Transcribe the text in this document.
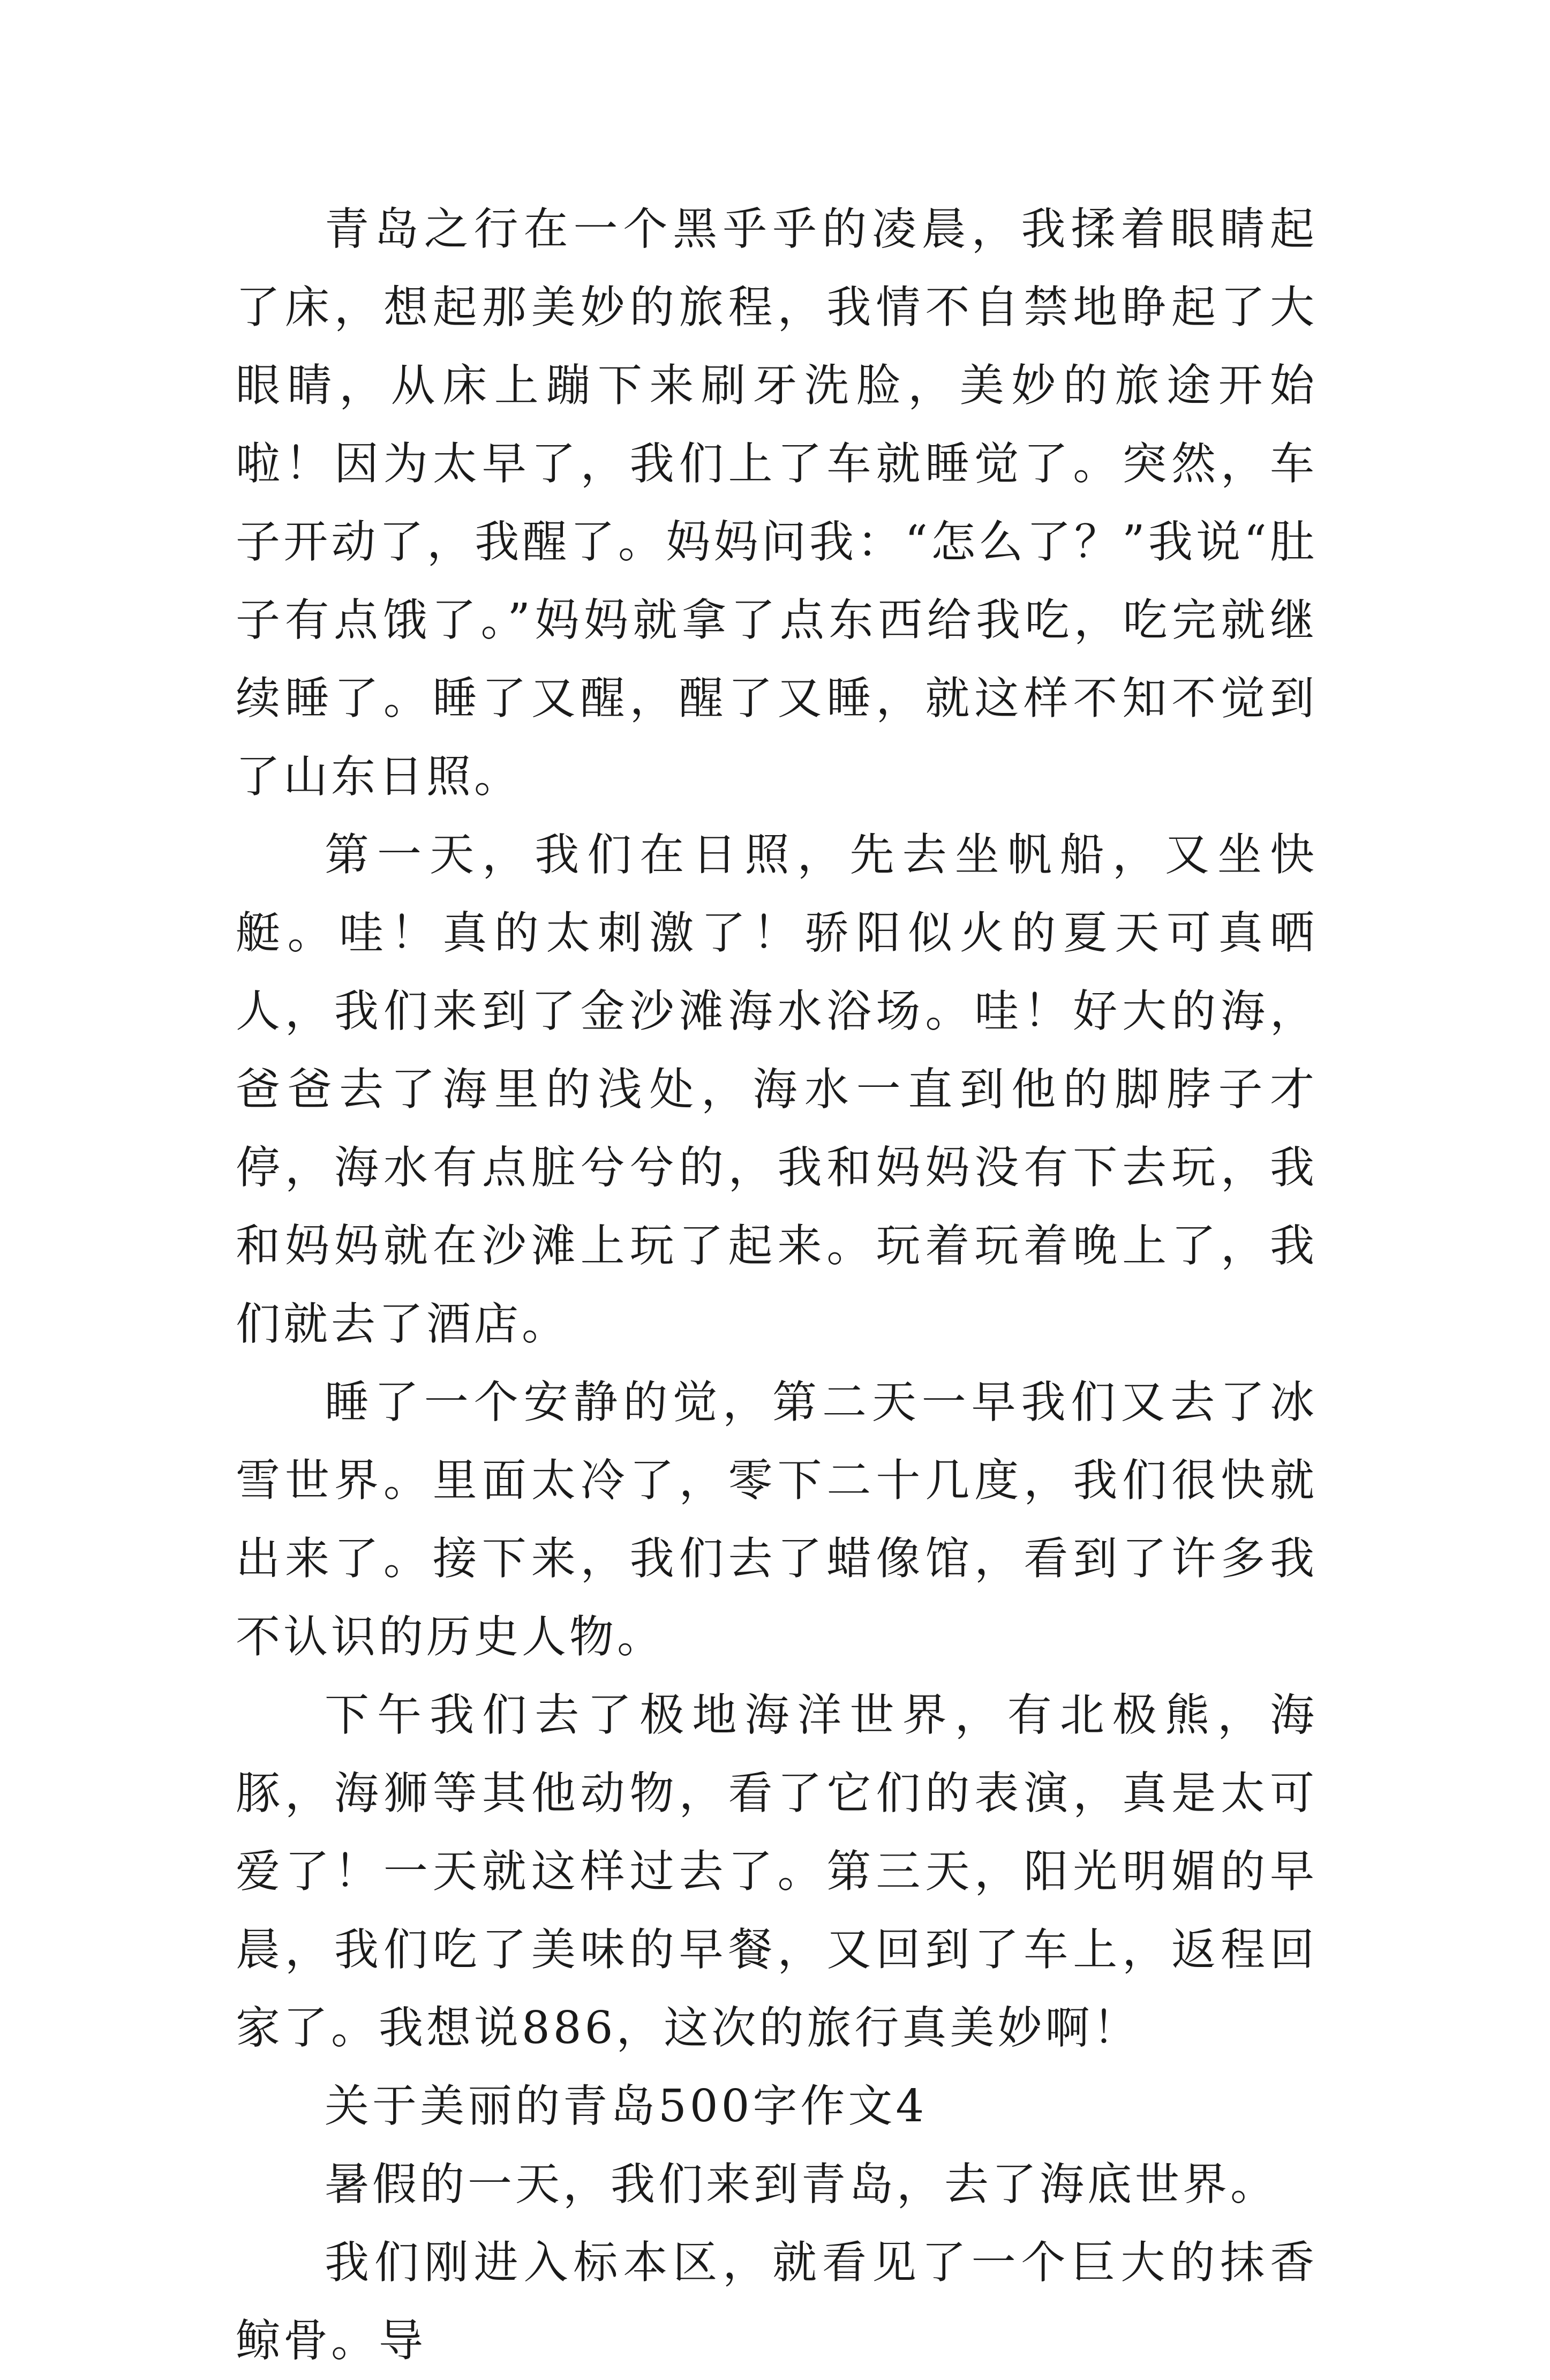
青岛之行在一个黑乎乎的凌晨，我揉着眼睛起了床，想起那美妙的旅程，我情不自禁地睁起了大眼睛，从床上蹦下来刷牙洗脸，美妙的旅途开始啦！因为太早了，我们上了车就睡觉了。突然，车子开动了，我醒了。妈妈问我：“怎么了？”我说“肚子有点饿了。”妈妈就拿了点东西给我吃，吃完就继续睡了。睡了又醒，醒了又睡，就这样不知不觉到了山东日照。

第一天，我们在日照，先去坐帆船，又坐快艇。哇！真的太刺激了！骄阳似火的夏天可真晒人，我们来到了金沙滩海水浴场。哇！好大的海，爸爸去了海里的浅处，海水一直到他的脚脖子才停，海水有点脏兮兮的，我和妈妈没有下去玩，我和妈妈就在沙滩上玩了起来。玩着玩着晚上了，我们就去了酒店。

睡了一个安静的觉，第二天一早我们又去了冰雪世界。里面太冷了，零下二十几度，我们很快就出来了。接下来，我们去了蜡像馆，看到了许多我不认识的历史人物。

下午我们去了极地海洋世界，有北极熊，海豚，海狮等其他动物，看了它们的表演，真是太可爱了！一天就这样过去了。第三天，阳光明媚的早晨，我们吃了美味的早餐，又回到了车上，返程回家了。我想说886，这次的旅行真美妙啊！

关于美丽的青岛500字作文4

暑假的一天，我们来到青岛，去了海底世界。

我们刚进入标本区，就看见了一个巨大的抹香鲸骨。导
